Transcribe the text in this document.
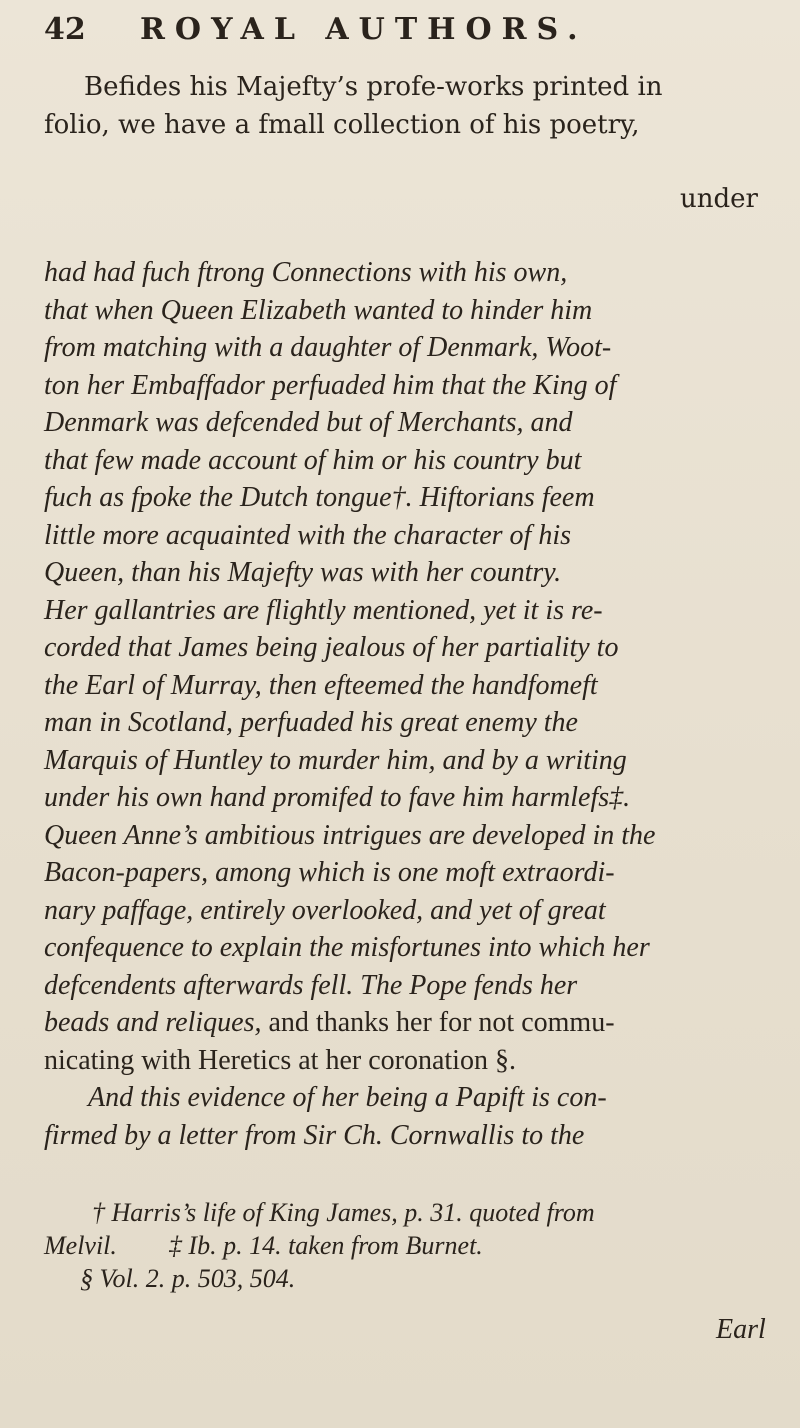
42 ROYAL AUTHORS.

Befides his Majefty’s profe-works printed in

folio, we have a fmall collection of his poetry,

under

had had fuch ftrong Connections with his own,

that when Queen Elizabeth wanted to hinder him

from matching with a daughter of Denmark, Woot-

ton her Embaffador perfuaded him that the King of

Denmark was defcended but of Merchants, and

that few made account of him or his country but

fuch as fpoke the Dutch tongue†. Hiftorians feem

little more acquainted with the character of his

Queen, than his Majefty was with her country.

Her gallantries are flightly mentioned, yet it is re-

corded that James being jealous of her partiality to

the Earl of Murray, then efteemed the handfomeft

man in Scotland, perfuaded his great enemy the

Marquis of Huntley to murder him, and by a writing

under his own hand promifed to fave him harmlefs‡.

Queen Anne’s ambitious intrigues are developed in the

Bacon-papers, among which is one moft extraordi-

nary paffage, entirely overlooked, and yet of great

confequence to explain the misfortunes into which her

defcendents afterwards fell. The Pope fends her

beads and reliques, and thanks her for not commu-

nicating with Heretics at her coronation §.

And this evidence of her being a Papift is con-

firmed by a letter from Sir Ch. Cornwallis to the

† Harris’s life of King James, p. 31. quoted from

Melvil.        ‡ Ib. p. 14. taken from Burnet.

§ Vol. 2. p. 503, 504.

Earl
